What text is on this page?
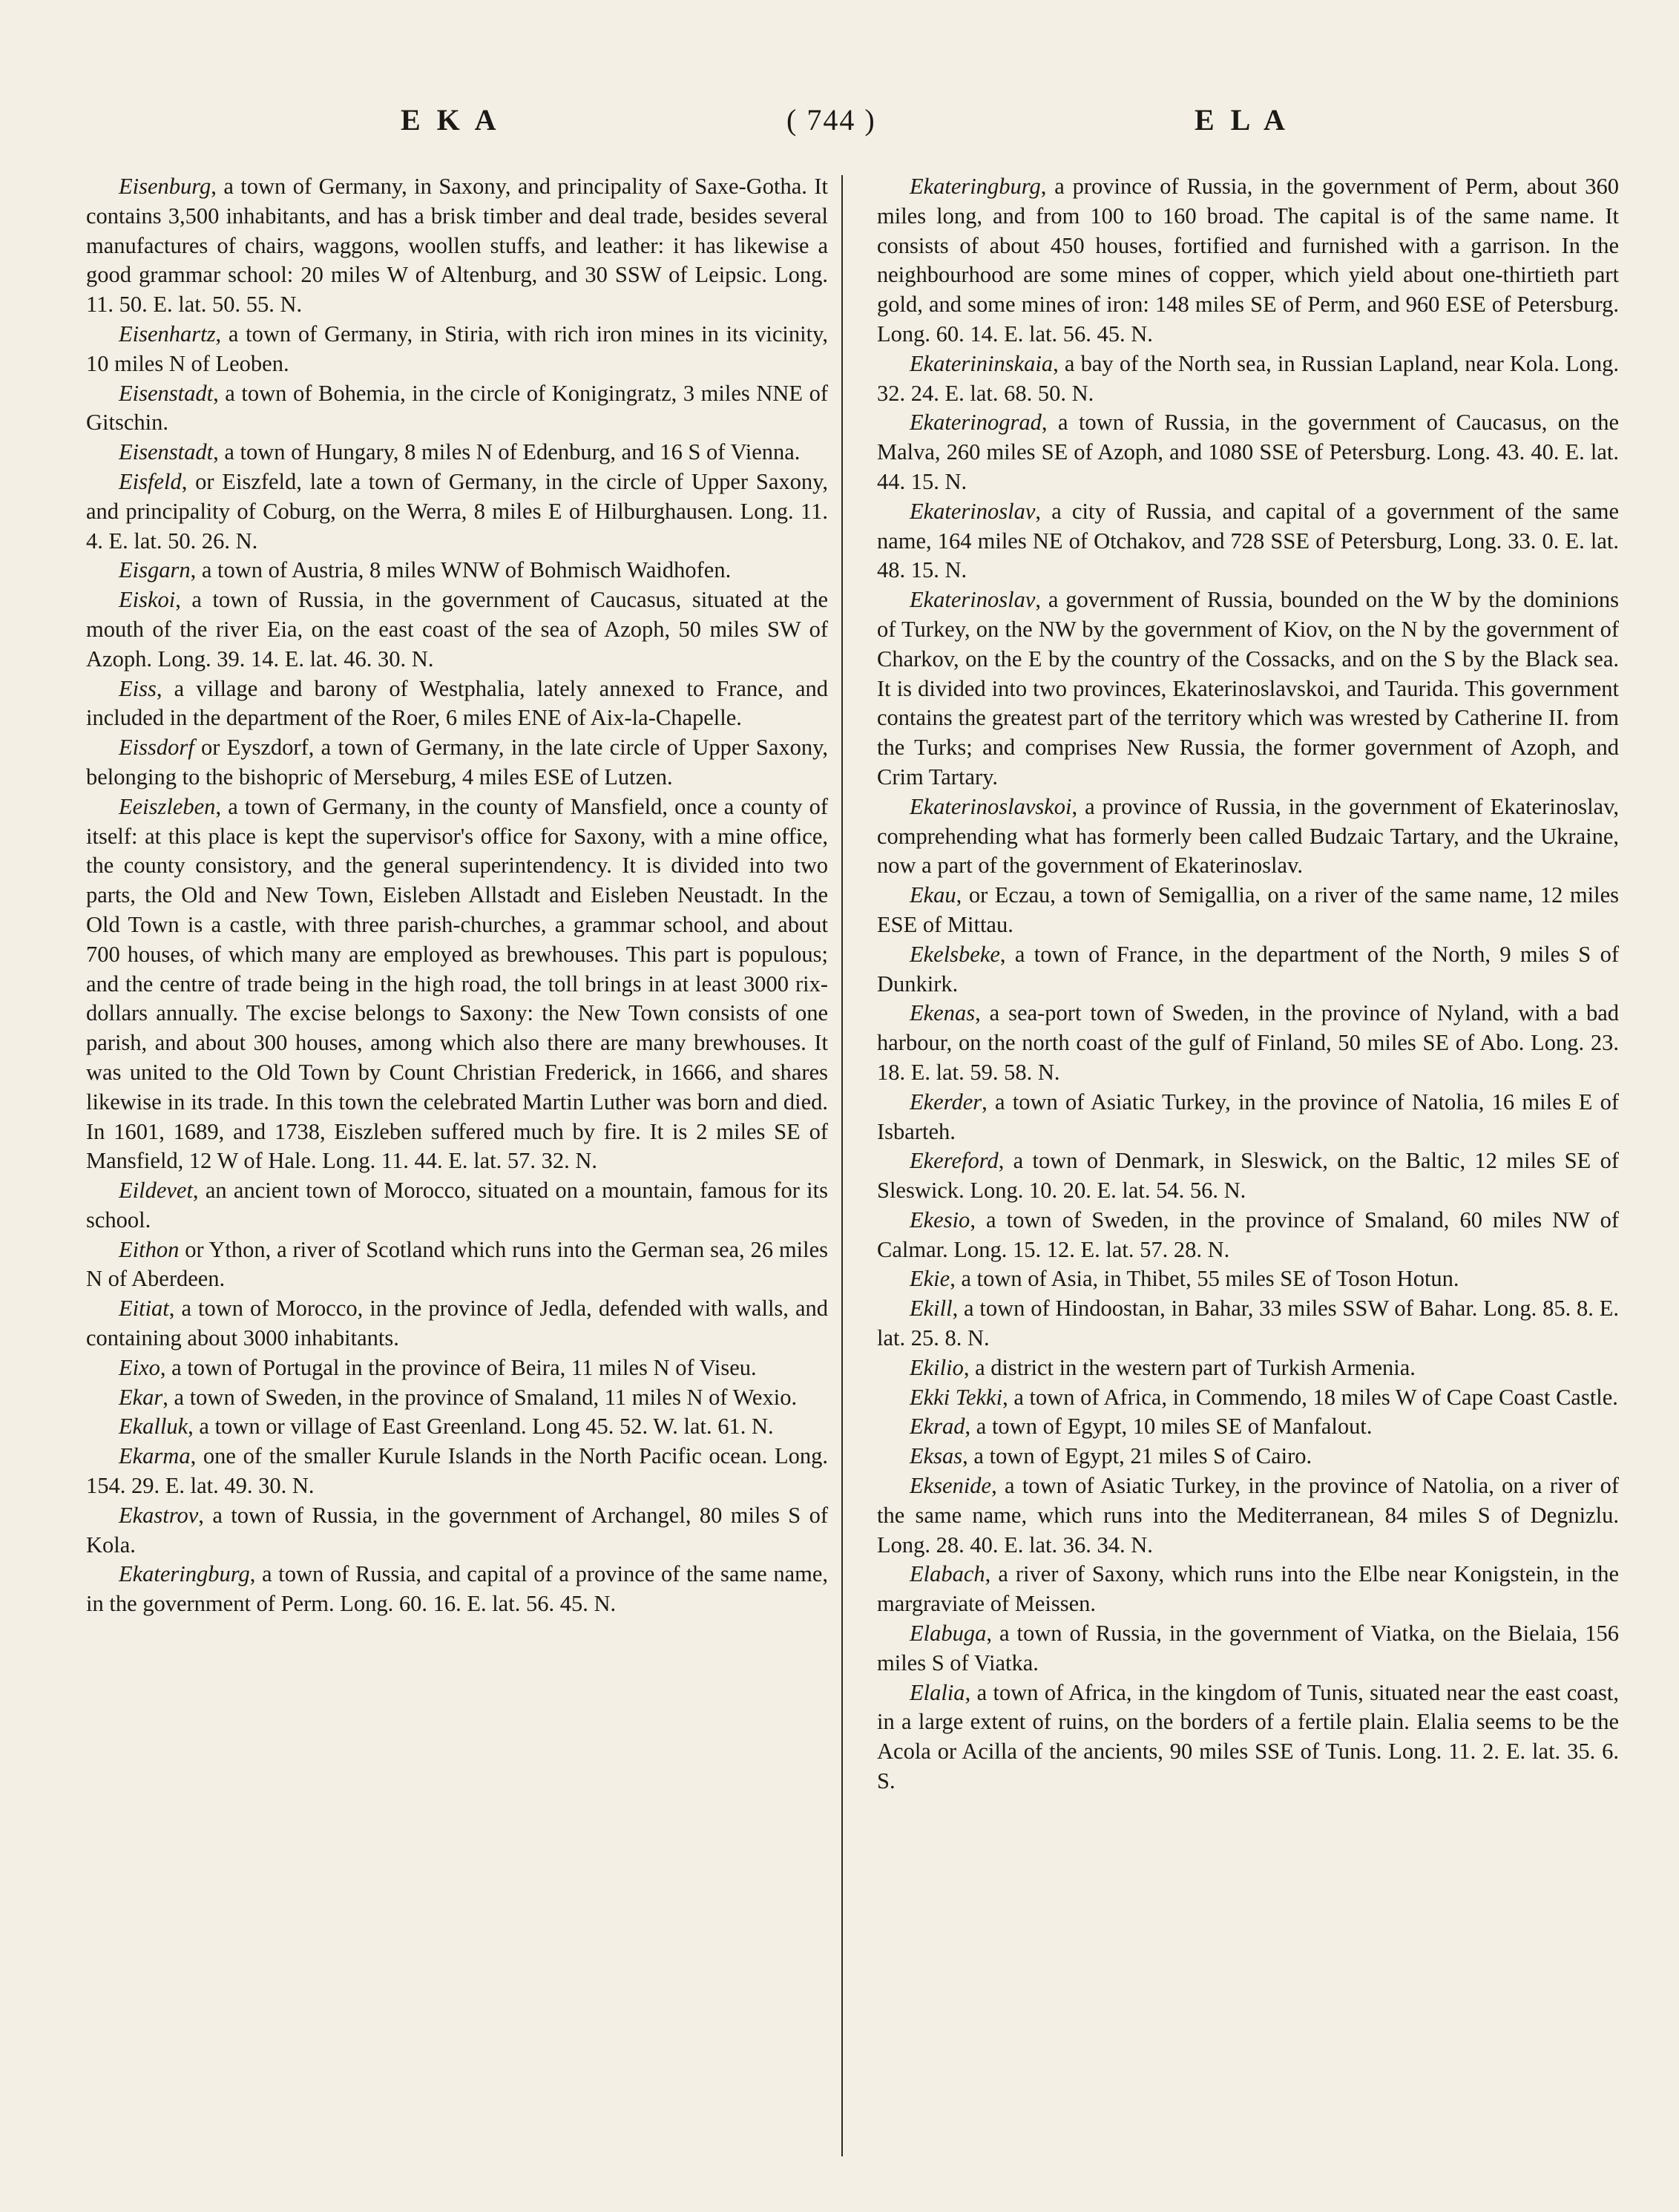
E K A	( 744 )	E L A

Eisenburg, a town of Germany, in Saxony, and principality of Saxe-Gotha. It contains 3,500 inhabitants, and has a brisk timber and deal trade, besides several manufactures of chairs, waggons, woollen stuffs, and leather: it has likewise a good grammar school: 20 miles W of Altenburg, and 30 SSW of Leipsic. Long. 11. 50. E. lat. 50. 55. N.

Eisenhartz, a town of Germany, in Stiria, with rich iron mines in its vicinity, 10 miles N of Leoben.

Eisenstadt, a town of Bohemia, in the circle of Konigingratz, 3 miles NNE of Gitschin.

Eisenstadt, a town of Hungary, 8 miles N of Edenburg, and 16 S of Vienna.

Eisfeld, or Eiszfeld, late a town of Germany, in the circle of Upper Saxony, and principality of Coburg, on the Werra, 8 miles E of Hilburghausen. Long. 11. 4. E. lat. 50. 26. N.

Eisgarn, a town of Austria, 8 miles WNW of Bohmisch Waidhofen.

Eiskoi, a town of Russia, in the government of Caucasus, situated at the mouth of the river Eia, on the east coast of the sea of Azoph, 50 miles SW of Azoph. Long. 39. 14. E. lat. 46. 30. N.

Eiss, a village and barony of Westphalia, lately annexed to France, and included in the department of the Roer, 6 miles ENE of Aix-la-Chapelle.

Eissdorf or Eyszdorf, a town of Germany, in the late circle of Upper Saxony, belonging to the bishopric of Merseburg, 4 miles ESE of Lutzen.

Eeiszleben, a town of Germany, in the county of Mansfield, once a county of itself: at this place is kept the supervisor's office for Saxony, with a mine office, the county consistory, and the general superintendency. It is divided into two parts, the Old and New Town, Eisleben Allstadt and Eisleben Neustadt. In the Old Town is a castle, with three parish-churches, a grammar school, and about 700 houses, of which many are employed as brewhouses. This part is populous; and the centre of trade being in the high road, the toll brings in at least 3000 rix-dollars annually. The excise belongs to Saxony: the New Town consists of one parish, and about 300 houses, among which also there are many brewhouses. It was united to the Old Town by Count Christian Frederick, in 1666, and shares likewise in its trade. In this town the celebrated Martin Luther was born and died. In 1601, 1689, and 1738, Eiszleben suffered much by fire. It is 2 miles SE of Mansfield, 12 W of Hale. Long. 11. 44. E. lat. 57. 32. N.

Eildevet, an ancient town of Morocco, situated on a mountain, famous for its school.

Eithon or Ython, a river of Scotland which runs into the German sea, 26 miles N of Aberdeen.

Eitiat, a town of Morocco, in the province of Jedla, defended with walls, and containing about 3000 inhabitants.

Eixo, a town of Portugal in the province of Beira, 11 miles N of Viseu.

Ekar, a town of Sweden, in the province of Smaland, 11 miles N of Wexio.

Ekalluk, a town or village of East Greenland. Long 45. 52. W. lat. 61. N.

Ekarma, one of the smaller Kurule Islands in the North Pacific ocean. Long. 154. 29. E. lat. 49. 30. N.

Ekastrov, a town of Russia, in the government of Archangel, 80 miles S of Kola.

Ekateringburg, a town of Russia, and capital of a province of the same name, in the government of Perm. Long. 60. 16. E. lat. 56. 45. N.

Ekateringburg, a province of Russia, in the government of Perm, about 360 miles long, and from 100 to 160 broad. The capital is of the same name. It consists of about 450 houses, fortified and furnished with a garrison. In the neighbourhood are some mines of copper, which yield about one-thirtieth part gold, and some mines of iron: 148 miles SE of Perm, and 960 ESE of Petersburg. Long. 60. 14. E. lat. 56. 45. N.

Ekaterininskaia, a bay of the North sea, in Russian Lapland, near Kola. Long. 32. 24. E. lat. 68. 50. N.

Ekaterinograd, a town of Russia, in the government of Caucasus, on the Malva, 260 miles SE of Azoph, and 1080 SSE of Petersburg. Long. 43. 40. E. lat. 44. 15. N.

Ekaterinoslav, a city of Russia, and capital of a government of the same name, 164 miles NE of Otchakov, and 728 SSE of Petersburg, Long. 33. 0. E. lat. 48. 15. N.

Ekaterinoslav, a government of Russia, bounded on the W by the dominions of Turkey, on the NW by the government of Kiov, on the N by the government of Charkov, on the E by the country of the Cossacks, and on the S by the Black sea. It is divided into two provinces, Ekaterinoslavskoi, and Taurida. This government contains the greatest part of the territory which was wrested by Catherine II. from the Turks; and comprises New Russia, the former government of Azoph, and Crim Tartary.

Ekaterinoslavskoi, a province of Russia, in the government of Ekaterinoslav, comprehending what has formerly been called Budzaic Tartary, and the Ukraine, now a part of the government of Ekaterinoslav.

Ekau, or Eczau, a town of Semigallia, on a river of the same name, 12 miles ESE of Mittau.

Ekelsbeke, a town of France, in the department of the North, 9 miles S of Dunkirk.

Ekenas, a sea-port town of Sweden, in the province of Nyland, with a bad harbour, on the north coast of the gulf of Finland, 50 miles SE of Abo. Long. 23. 18. E. lat. 59. 58. N.

Ekerder, a town of Asiatic Turkey, in the province of Natolia, 16 miles E of Isbarteh.

Ekereford, a town of Denmark, in Sleswick, on the Baltic, 12 miles SE of Sleswick. Long. 10. 20. E. lat. 54. 56. N.

Ekesio, a town of Sweden, in the province of Smaland, 60 miles NW of Calmar. Long. 15. 12. E. lat. 57. 28. N.

Ekie, a town of Asia, in Thibet, 55 miles SE of Toson Hotun.

Ekill, a town of Hindoostan, in Bahar, 33 miles SSW of Bahar. Long. 85. 8. E. lat. 25. 8. N.

Ekilio, a district in the western part of Turkish Armenia.

Ekki Tekki, a town of Africa, in Commendo, 18 miles W of Cape Coast Castle.

Ekrad, a town of Egypt, 10 miles SE of Manfalout.

Eksas, a town of Egypt, 21 miles S of Cairo.

Eksenide, a town of Asiatic Turkey, in the province of Natolia, on a river of the same name, which runs into the Mediterranean, 84 miles S of Degnizlu. Long. 28. 40. E. lat. 36. 34. N.

Elabach, a river of Saxony, which runs into the Elbe near Konigstein, in the margraviate of Meissen.

Elabuga, a town of Russia, in the government of Viatka, on the Bielaia, 156 miles S of Viatka.

Elalia, a town of Africa, in the kingdom of Tunis, situated near the east coast, in a large extent of ruins, on the borders of a fertile plain. Elalia seems to be the Acola or Acilla of the ancients, 90 miles SSE of Tunis. Long. 11. 2. E. lat. 35. 6. S.
